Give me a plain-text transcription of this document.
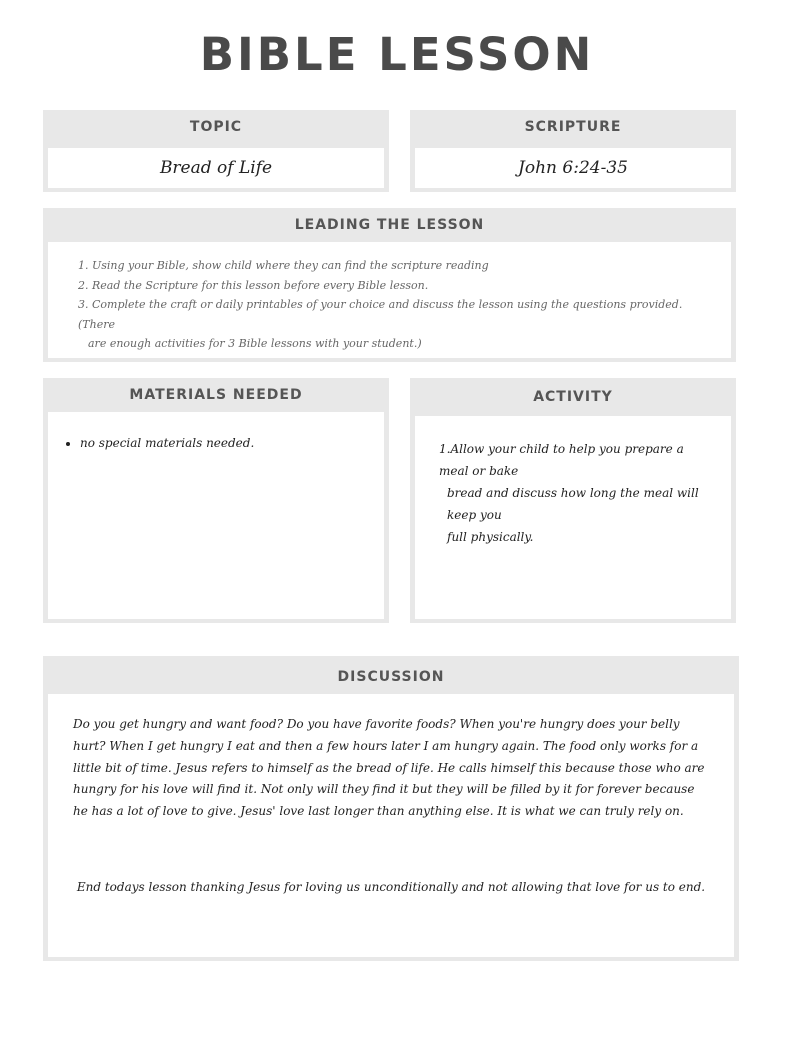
BIBLE LESSON
TOPIC
Bread of Life
SCRIPTURE
John 6:24-35
LEADING THE LESSON
1. Using your Bible, show child where they can find the scripture reading
2. Read the Scripture for this lesson before every Bible lesson.
3. Complete the craft or daily printables of your choice and discuss the lesson using the questions provided. (There
are enough activities for 3 Bible lessons with your student.)
MATERIALS NEEDED
• no special materials needed.
ACTIVITY
1.Allow your child to help you prepare a meal or bake
bread and discuss how long the meal will keep you
full physically.
DISCUSSION
Do you get hungry and want food? Do you have favorite foods? When you're hungry does your belly hurt? When I get hungry I eat and then a few hours later I am hungry again. The food only works for a little bit of time. Jesus refers to himself as the bread of life. He calls himself this because those who are hungry for his love will find it. Not only will they find it but they will be filled by it for forever because he has a lot of love to give. Jesus' love last longer than anything else. It is what we can truly rely on.
End todays lesson thanking Jesus for loving us unconditionally and not allowing that love for us to end.
